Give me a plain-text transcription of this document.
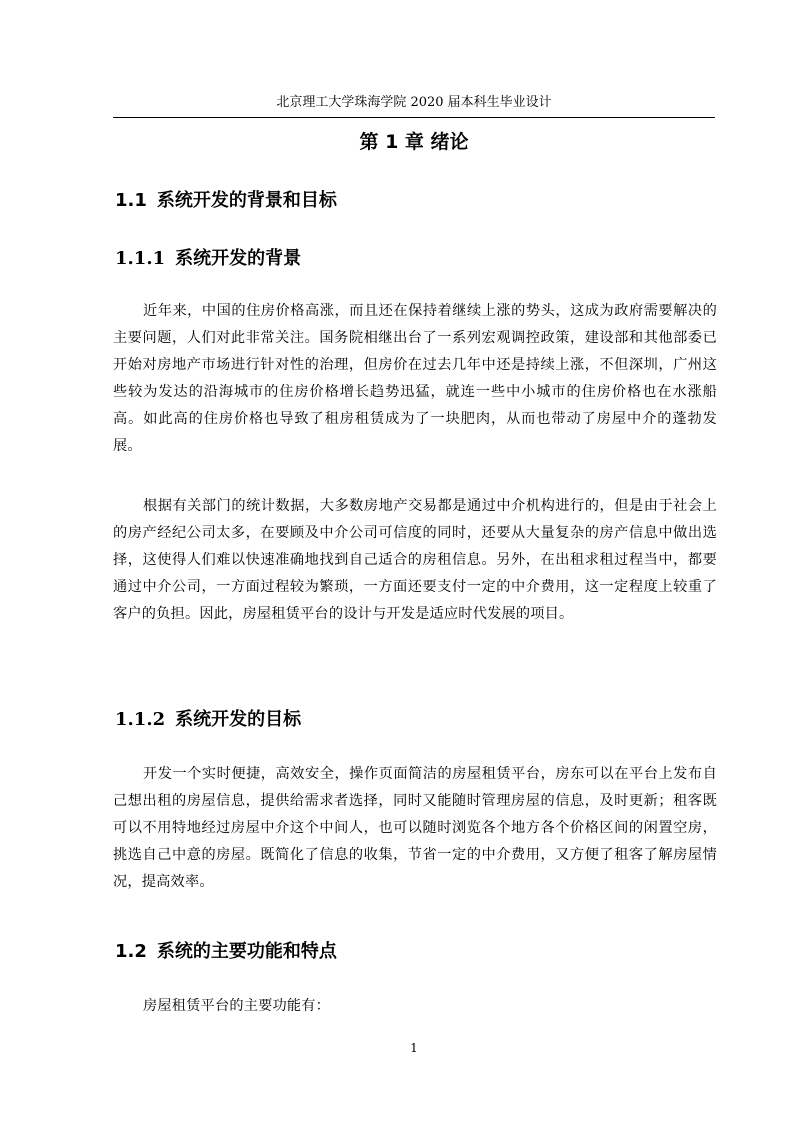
北京理工大学珠海学院 2020 届本科生毕业设计
第 1 章 绪论
1.1 系统开发的背景和目标
1.1.1 系统开发的背景

近年来，中国的住房价格高涨，而且还在保持着继续上涨的势头，这成为政府需要解决的主要问题，人们对此非常关注。国务院相继出台了一系列宏观调控政策，建设部和其他部委已开始对房地产市场进行针对性的治理，但房价在过去几年中还是持续上涨，不但深圳，广州这些较为发达的沿海城市的住房价格增长趋势迅猛，就连一些中小城市的住房价格也在水涨船高。如此高的住房价格也导致了租房租赁成为了一块肥肉，从而也带动了房屋中介的蓬勃发展。

根据有关部门的统计数据，大多数房地产交易都是通过中介机构进行的，但是由于社会上的房产经纪公司太多，在要顾及中介公司可信度的同时，还要从大量复杂的房产信息中做出选择，这使得人们难以快速准确地找到自己适合的房租信息。另外，在出租求租过程当中，都要通过中介公司，一方面过程较为繁琐，一方面还要支付一定的中介费用，这一定程度上较重了客户的负担。因此，房屋租赁平台的设计与开发是适应时代发展的项目。

1.1.2 系统开发的目标

开发一个实时便捷，高效安全，操作页面简洁的房屋租赁平台，房东可以在平台上发布自己想出租的房屋信息，提供给需求者选择，同时又能随时管理房屋的信息，及时更新；租客既可以不用特地经过房屋中介这个中间人，也可以随时浏览各个地方各个价格区间的闲置空房，挑选自己中意的房屋。既简化了信息的收集，节省一定的中介费用，又方便了租客了解房屋情况，提高效率。

1.2 系统的主要功能和特点

房屋租赁平台的主要功能有：

1
